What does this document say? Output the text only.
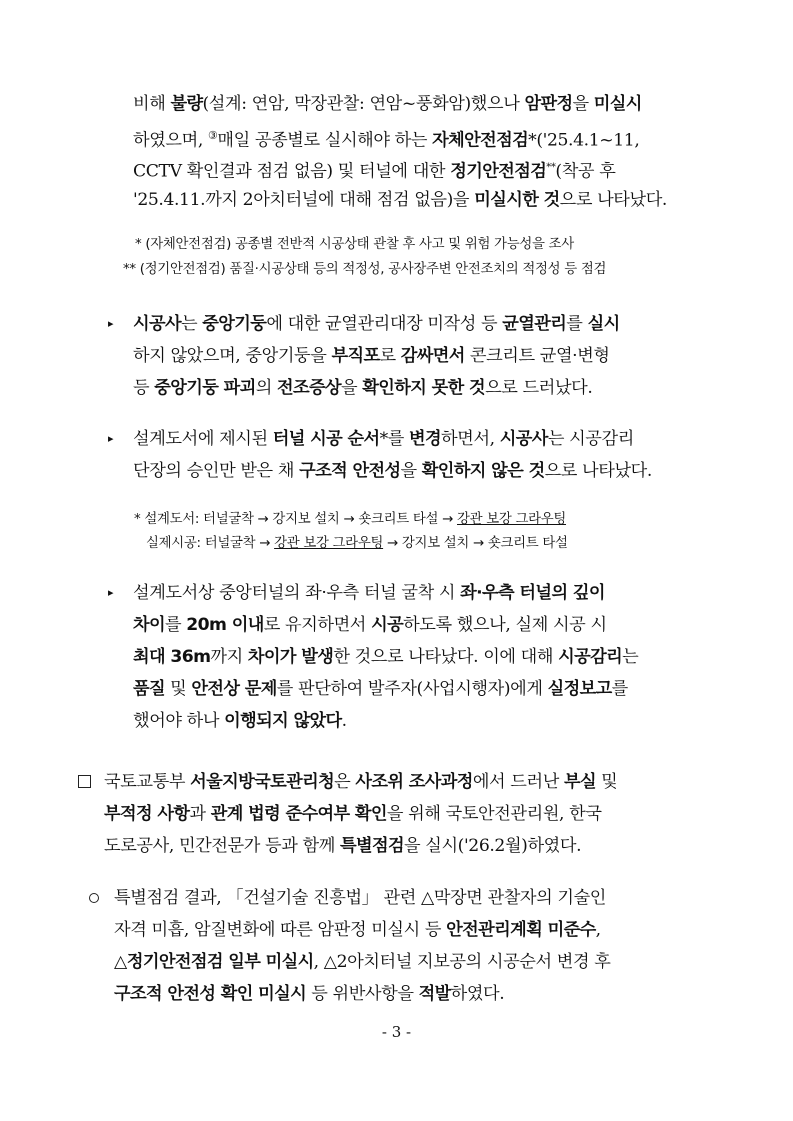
비해 불량(설계: 연암, 막장관찰: 연암~풍화암)했으나 암판정을 미실시
하였으며, ③매일 공종별로 실시해야 하는 자체안전점검*('25.4.1~11,
CCTV 확인결과 점검 없음) 및 터널에 대한 정기안전점검**(착공 후
'25.4.11.까지 2아치터널에 대해 점검 없음)을 미실시한 것으로 나타났다.
* (자체안전점검) 공종별 전반적 시공상태 관찰 후 사고 및 위험 가능성을 조사
** (정기안전점검) 품질·시공상태 등의 적정성, 공사장주변 안전조치의 적정성 등 점검
▸ 시공사는 중앙기둥에 대한 균열관리대장 미작성 등 균열관리를 실시
하지 않았으며, 중앙기둥을 부직포로 감싸면서 콘크리트 균열·변형
등 중앙기둥 파괴의 전조증상을 확인하지 못한 것으로 드러났다.
▸ 설계도서에 제시된 터널 시공 순서*를 변경하면서, 시공사는 시공감리
단장의 승인만 받은 채 구조적 안전성을 확인하지 않은 것으로 나타났다.
* 설계도서: 터널굴착 → 강지보 설치 → 숏크리트 타설 → 강관 보강 그라우팅
실제시공: 터널굴착 → 강관 보강 그라우팅 → 강지보 설치 → 숏크리트 타설
▸ 설계도서상 중앙터널의 좌·우측 터널 굴착 시 좌·우측 터널의 깊이
차이를 20m 이내로 유지하면서 시공하도록 했으나, 실제 시공 시
최대 36m까지 차이가 발생한 것으로 나타났다. 이에 대해 시공감리는
품질 및 안전상 문제를 판단하여 발주자(사업시행자)에게 실정보고를
했어야 하나 이행되지 않았다.
국토교통부 서울지방국토관리청은 사조위 조사과정에서 드러난 부실 및
부적정 사항과 관계 법령 준수여부 확인을 위해 국토안전관리원, 한국
도로공사, 민간전문가 등과 함께 특별점검을 실시('26.2월)하였다.
특별점검 결과, 「건설기술 진흥법」 관련 △막장면 관찰자의 기술인
자격 미흡, 암질변화에 따른 암판정 미실시 등 안전관리계획 미준수,
△정기안전점검 일부 미실시, △2아치터널 지보공의 시공순서 변경 후
구조적 안전성 확인 미실시 등 위반사항을 적발하였다.
- 3 -
